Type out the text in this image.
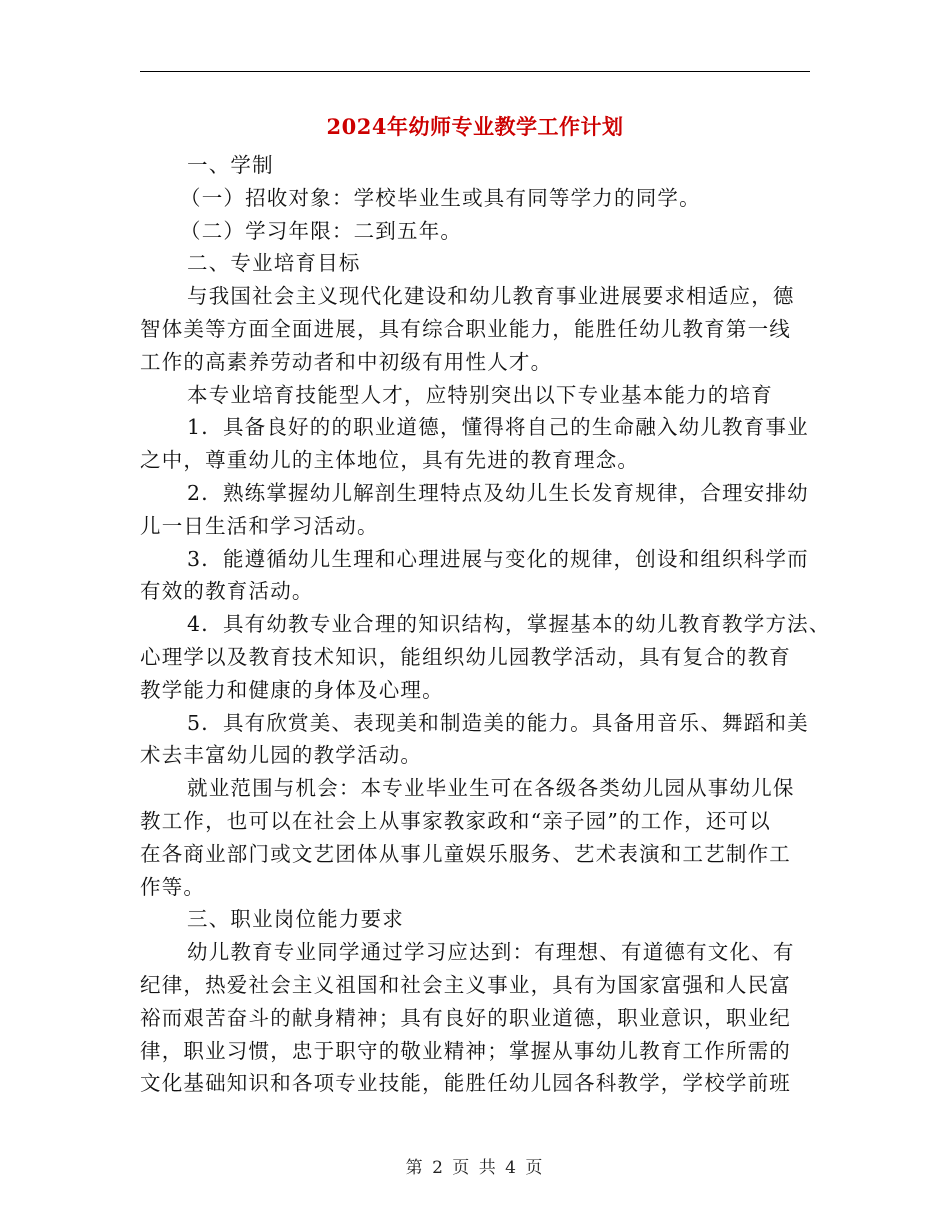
2024年幼师专业教学工作计划
一、学制
（一）招收对象：学校毕业生或具有同等学力的同学。
（二）学习年限：二到五年。
二、专业培育目标
与我国社会主义现代化建设和幼儿教育事业进展要求相适应，德
智体美等方面全面进展，具有综合职业能力，能胜任幼儿教育第一线
工作的高素养劳动者和中初级有用性人才。
本专业培育技能型人才，应特别突出以下专业基本能力的培育
1．具备良好的的职业道德，懂得将自己的生命融入幼儿教育事业
之中，尊重幼儿的主体地位，具有先进的教育理念。
2．熟练掌握幼儿解剖生理特点及幼儿生长发育规律，合理安排幼
儿一日生活和学习活动。
3．能遵循幼儿生理和心理进展与变化的规律，创设和组织科学而
有效的教育活动。
4．具有幼教专业合理的知识结构，掌握基本的幼儿教育教学方法、
心理学以及教育技术知识，能组织幼儿园教学活动，具有复合的教育
教学能力和健康的身体及心理。
5．具有欣赏美、表现美和制造美的能力。具备用音乐、舞蹈和美
术去丰富幼儿园的教学活动。
就业范围与机会：本专业毕业生可在各级各类幼儿园从事幼儿保
教工作，也可以在社会上从事家教家政和“亲子园”的工作，还可以
在各商业部门或文艺团体从事儿童娱乐服务、艺术表演和工艺制作工
作等。
三、职业岗位能力要求
幼儿教育专业同学通过学习应达到：有理想、有道德有文化、有
纪律，热爱社会主义祖国和社会主义事业，具有为国家富强和人民富
裕而艰苦奋斗的献身精神；具有良好的职业道德，职业意识，职业纪
律，职业习惯，忠于职守的敬业精神；掌握从事幼儿教育工作所需的
文化基础知识和各项专业技能，能胜任幼儿园各科教学，学校学前班
第 2 页 共 4 页
